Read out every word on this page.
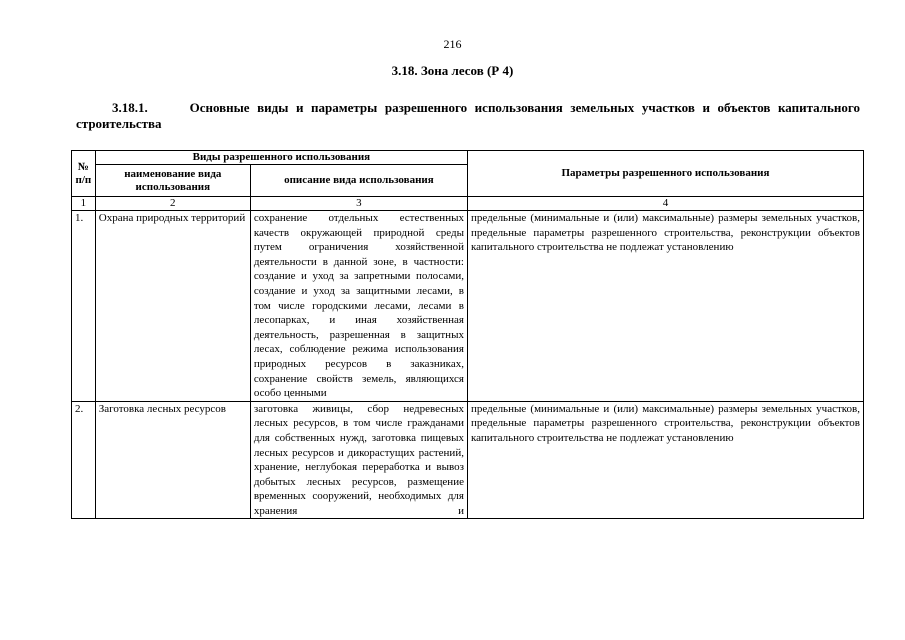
216
3.18. Зона лесов (Р 4)
3.18.1.	Основные виды и параметры разрешенного использования земельных участков и объектов капитального строительства
№ п/п	Виды разрешенного использования		Параметры разрешенного использования
	наименование вида использования	описание вида использования	
1	2	3	4
1.	Охрана природных территорий	сохранение отдельных естественных качеств окружающей природной среды путем ограничения хозяйственной деятельности в данной зоне, в частности: создание и уход за запретными полосами, создание и уход за защитными лесами, в том числе городскими лесами, лесами в лесопарках, и иная хозяйственная деятельность, разрешенная в защитных лесах, соблюдение режима использования природных ресурсов в заказниках, сохранение свойств земель, являющихся особо ценными	предельные (минимальные и (или) максимальные) размеры земельных участков, предельные параметры разрешенного строительства, реконструкции объектов капитального строительства не подлежат установлению
2.	Заготовка лесных ресурсов	заготовка живицы, сбор недревесных лесных ресурсов, в том числе гражданами для собственных нужд, заготовка пищевых лесных ресурсов и дикорастущих растений, хранение, неглубокая переработка и вывоз добытых лесных ресурсов, размещение временных сооружений, необходимых для хранения и	предельные (минимальные и (или) максимальные) размеры земельных участков, предельные параметры разрешенного строительства, реконструкции объектов капитального строительства не подлежат установлению
